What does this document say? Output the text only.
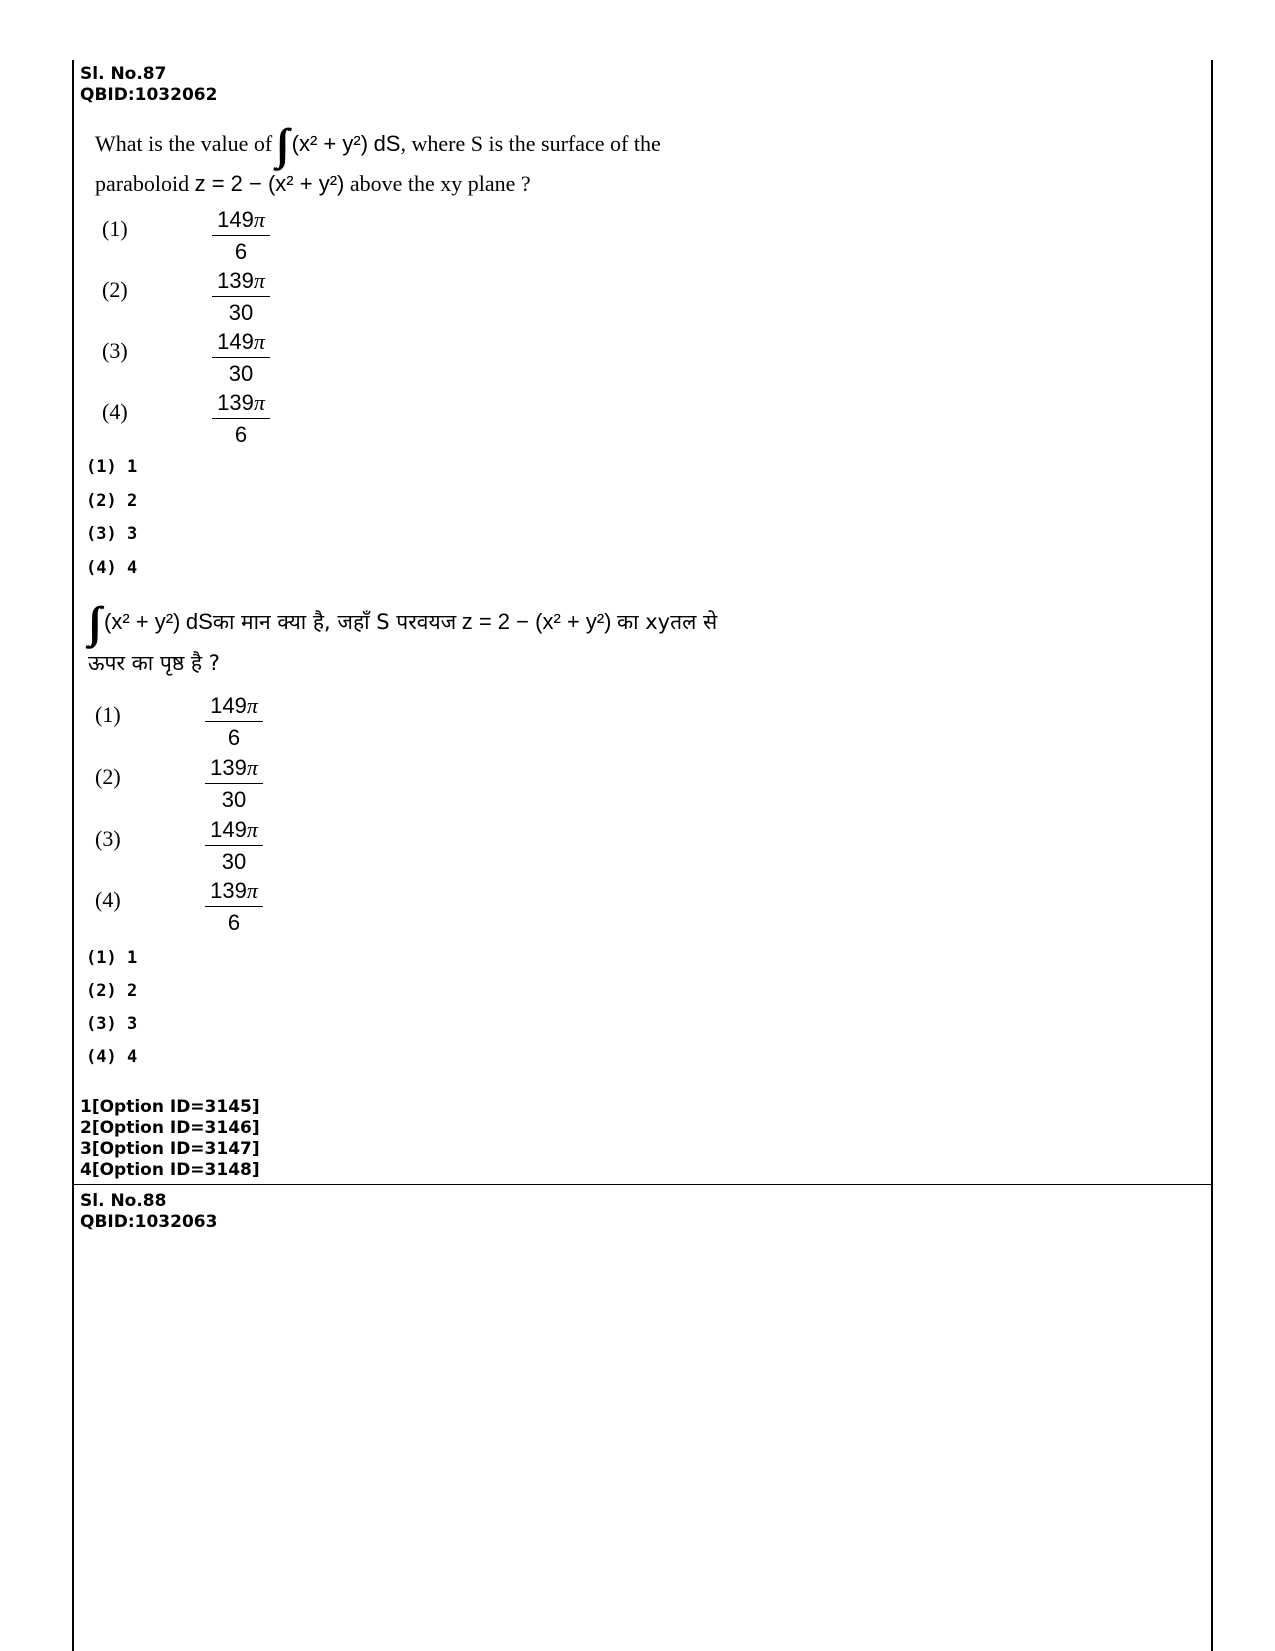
Sl. No.87
QBID:1032062
What is the value of (x² + y²) dS, where S is the surface of the
paraboloid z = 2 − (x² + y²) above the xy plane ?
(1)	$\frac{149\pi}{6}$
(2)	$\frac{139\pi}{30}$
(3)	$\frac{149\pi}{30}$
(4)	$\frac{139\pi}{6}$
(1) 1
(2) 2
(3) 3
(4) 4
(x² + y²) dSका मान क्या है, जहाँ S परवयज z = 2 − (x² + y²) का xyतल से
ऊपर का पृष्ठ है ?
(1)	$\frac{149\pi}{6}$
(2)	$\frac{139\pi}{30}$
(3)	$\frac{149\pi}{30}$
(4)	$\frac{139\pi}{6}$
(1) 1
(2) 2
(3) 3
(4) 4
1[Option ID=3145]
2[Option ID=3146]
3[Option ID=3147]
4[Option ID=3148]
Sl. No.88
QBID:1032063
